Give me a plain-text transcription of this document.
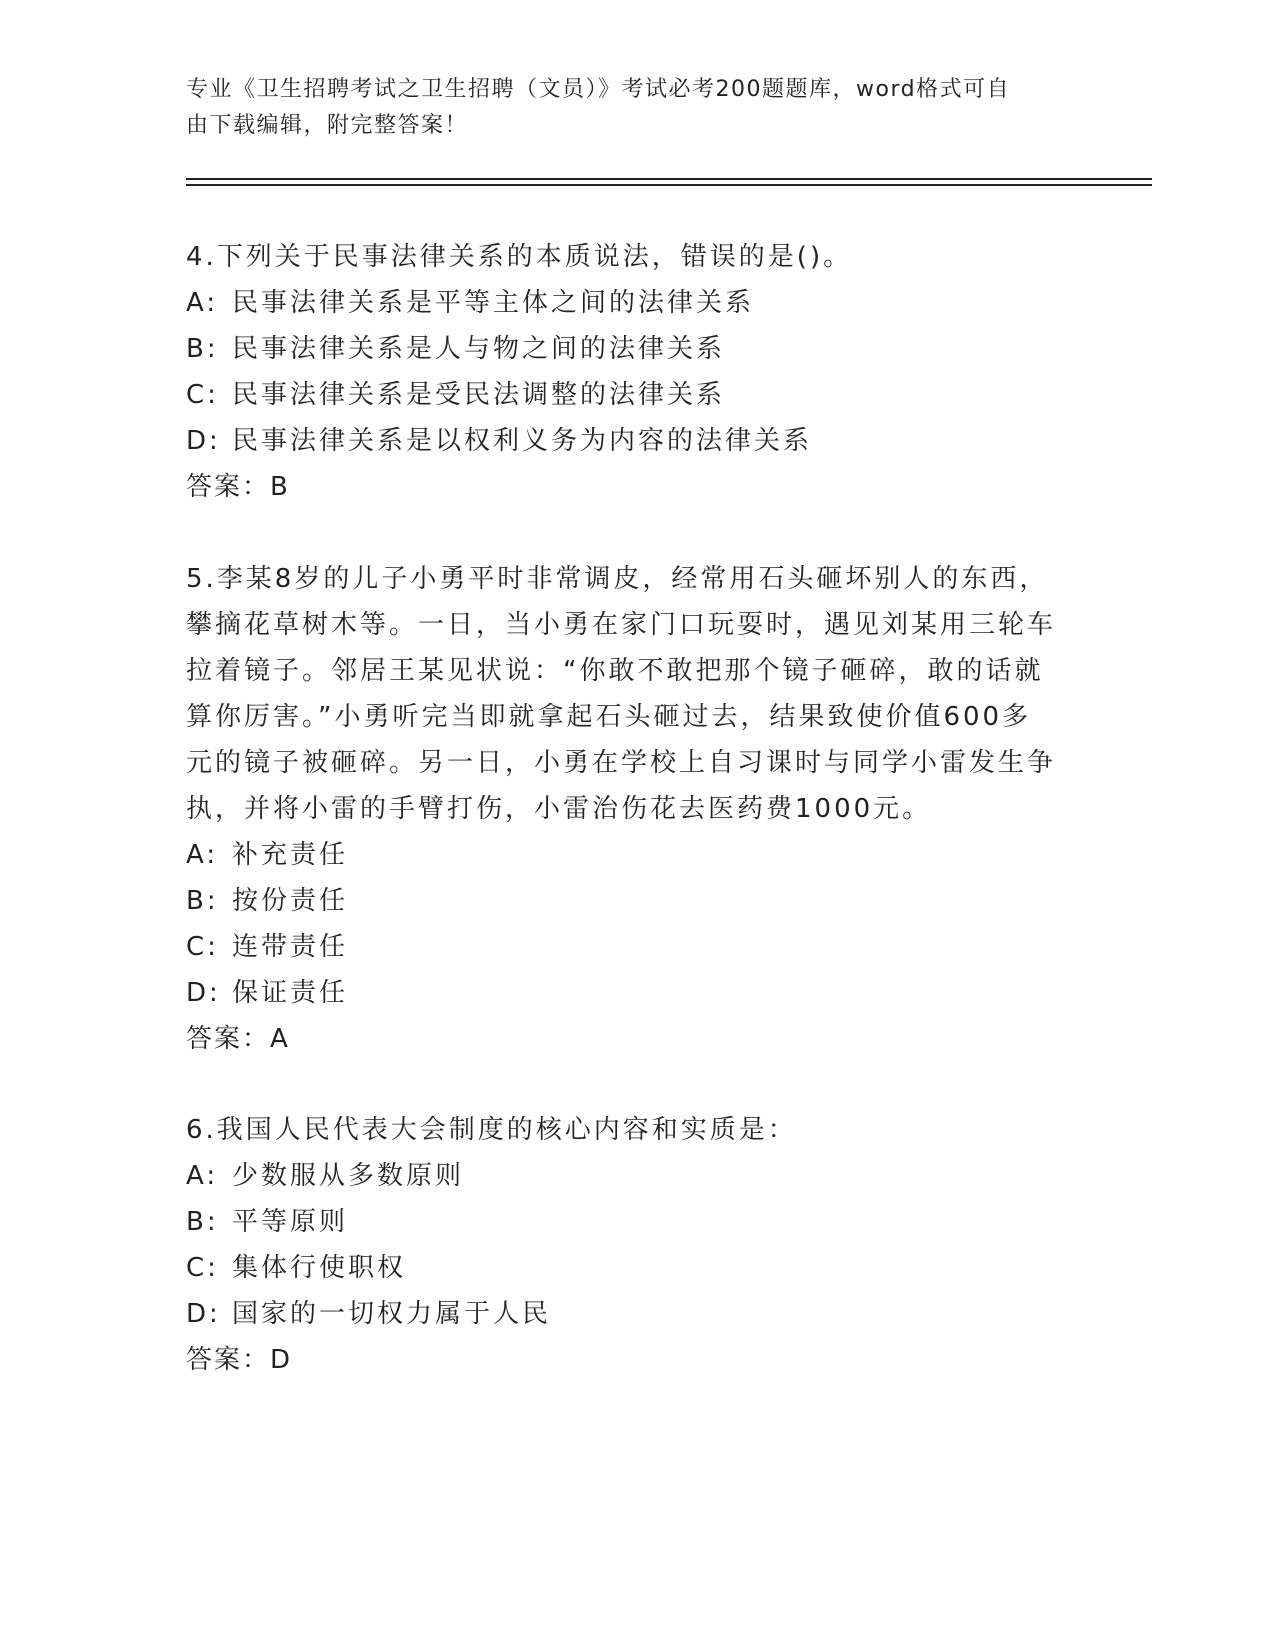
专业《卫生招聘考试之卫生招聘（文员）》考试必考200题题库，word格式可自
由下载编辑，附完整答案！
4.下列关于民事法律关系的本质说法，错误的是()。
A: 民事法律关系是平等主体之间的法律关系
B: 民事法律关系是人与物之间的法律关系
C: 民事法律关系是受民法调整的法律关系
D: 民事法律关系是以权利义务为内容的法律关系
答案：B
5.李某8岁的儿子小勇平时非常调皮，经常用石头砸坏别人的东西，
攀摘花草树木等。一日，当小勇在家门口玩耍时，遇见刘某用三轮车
拉着镜子。邻居王某见状说：“你敢不敢把那个镜子砸碎，敢的话就
算你厉害。”小勇听完当即就拿起石头砸过去，结果致使价值600多
元的镜子被砸碎。另一日，小勇在学校上自习课时与同学小雷发生争
执，并将小雷的手臂打伤，小雷治伤花去医药费1000元。
A: 补充责任
B: 按份责任
C: 连带责任
D: 保证责任
答案：A
6.我国人民代表大会制度的核心内容和实质是：
A: 少数服从多数原则
B: 平等原则
C: 集体行使职权
D: 国家的一切权力属于人民
答案：D
